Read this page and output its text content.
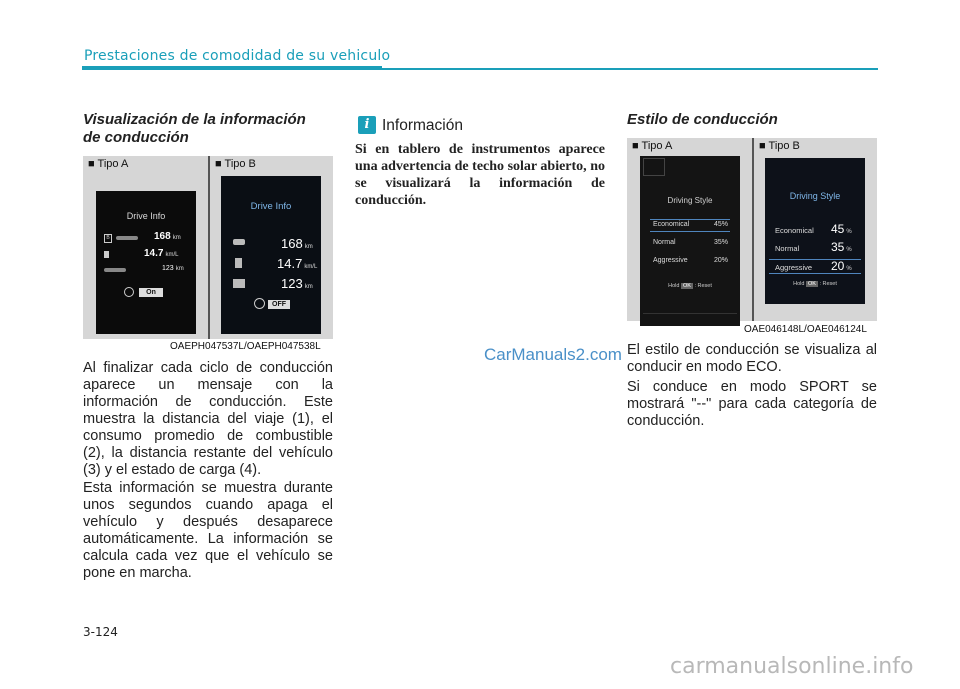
Prestaciones de comodidad de su vehiculo
Visualización de la información
de conducción
■ Tipo A	■ Tipo B
Drive Info
B	168 km
14.7 km/L
123 km
On
Drive Info
168 km
14.7 km/L
123 km
OFF
OAEPH047537L/OAEPH047538L
Al finalizar cada ciclo de conducción aparece un mensaje con la información de conducción. Este muestra la distancia del viaje (1), el consumo promedio de combustible (2), la distancia restante del vehículo (3) y el estado de carga (4).
Esta información se muestra durante unos segundos cuando apaga el vehículo y después desaparece automáticamente. La información se calcula cada vez que el vehículo se pone en marcha.
i Información
Si en tablero de instrumentos aparece una advertencia de techo solar abierto, no se visualizará la información de conducción.
Estilo de conducción
■ Tipo A	■ Tipo B
Driving Style
Economical	45%
Normal	35%
Aggressive	20%
Hold OK : Reset
Driving Style
Economical 45 %
Normal	35 %
Aggressive 20 %
Hold OK : Reset
OAE046148L/OAE046124L
El estilo de conducción se visualiza al conducir en modo ECO.
Si conduce en modo SPORT se mostrará "--" para cada categoría de conducción.
CarManuals2.com
3-124
carmanualsonline.info
